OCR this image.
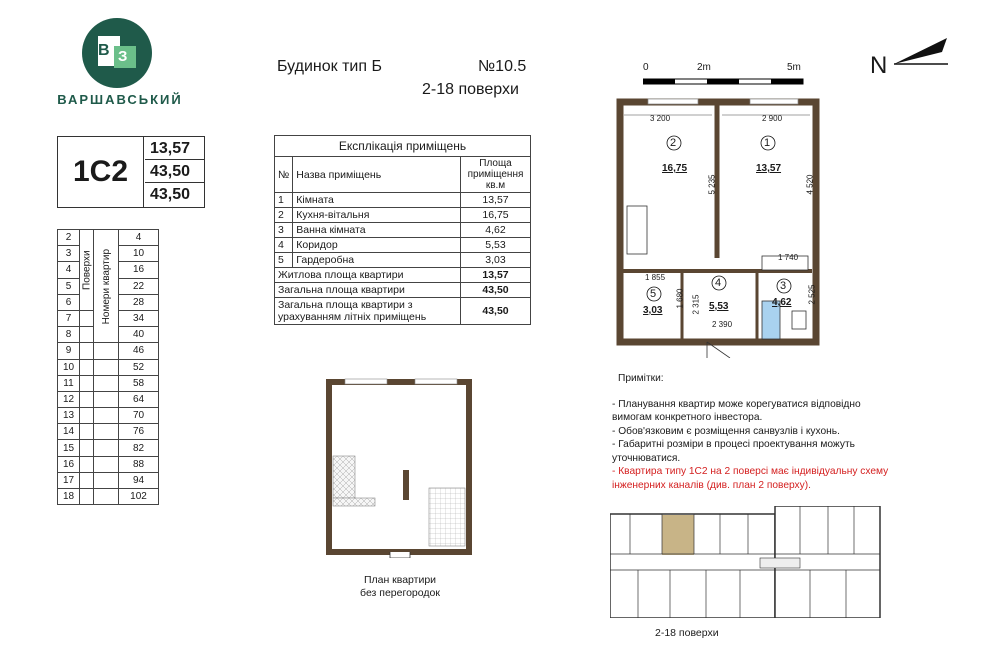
В З
ВАРШАВСЬКИЙ
Будинок тип Б	№10.5
2-18 поверхи
0	2m	5m	N
1С2
13,57
43,50
43,50
2	Поверхи	Номери квартир	4
3			10
4			16
5			22
6			28
7			34
8			40
9			46
10			52
11			58
12			64
13			70
14			76
15			82
16			88
17			94
18			102
Експлікація приміщень		
№	Назва приміщень	Площа приміщення кв.м
1	Кімната	13,57
2	Кухня-вітальня	16,75
3	Ванна кімната	4,62
4	Коридор	5,53
5	Гардеробна	3,03
Житлова площа квартири		13,57
Загальна площа квартири		43,50
Загальна площа квартири з урахуванням літніх приміщень		43,50
3 200	2 900
5 235	4 520
1 740
1 855
1 680 2 315
2 390
2 525
2
16,75
1
13,57
5
3,03
4
5,53
3
4,62
План квартири
без перегородок
Примітки:
- Планування квартир може корегуватися відповідно вимогам конкретного інвестора.
- Обов'язковим є розміщення санвузлів і кухонь.
- Габаритні розміри в процесі проектування можуть уточнюватися.
- Квартира типу 1С2 на 2 поверсі має індивідуальну схему інженерних каналів (див. план 2 поверху).
2-18 поверхи
